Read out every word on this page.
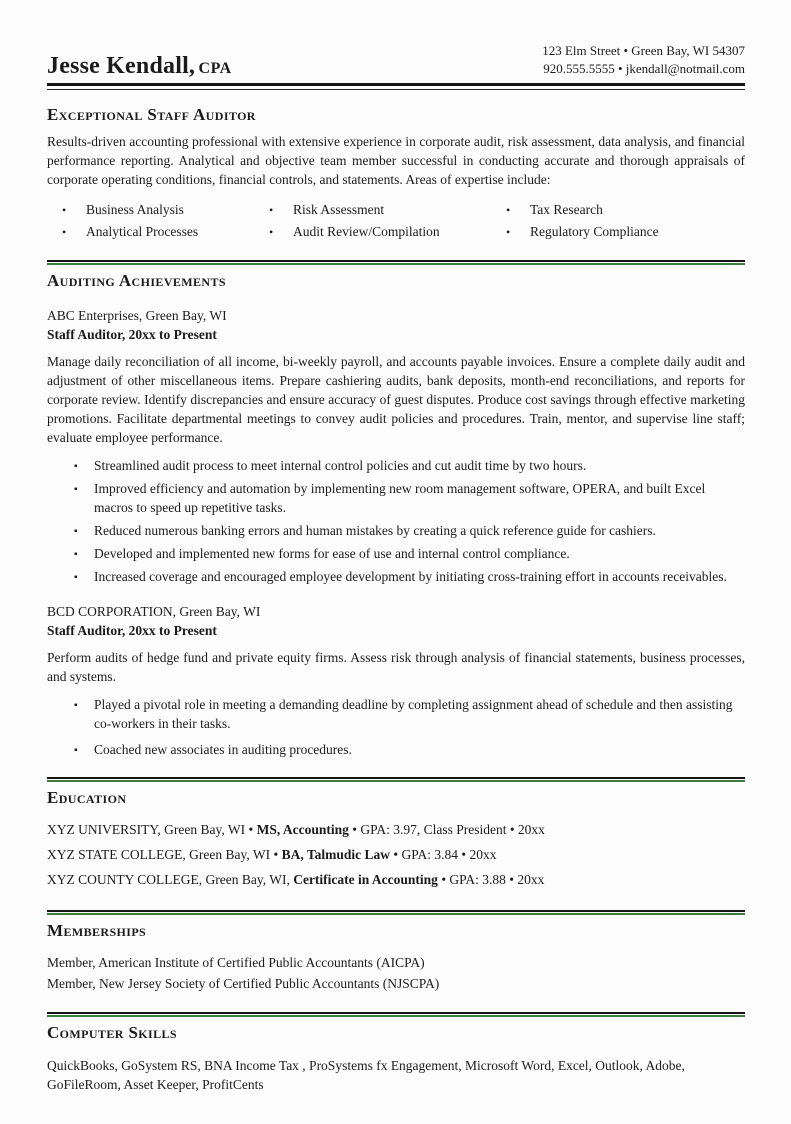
Jesse Kendall, CPA
123 Elm Street • Green Bay, WI 54307
920.555.5555 • jkendall@notmail.com
Exceptional Staff Auditor

Results-driven accounting professional with extensive experience in corporate audit, risk assessment, data analysis, and financial performance reporting. Analytical and objective team member successful in conducting accurate and thorough appraisals of corporate operating conditions, financial controls, and statements. Areas of expertise include:

•	Business Analysis	•	Risk Assessment	•	Tax Research
•	Analytical Processes	•	Audit Review/Compilation	•	Regulatory Compliance
Auditing Achievements

ABC Enterprises, Green Bay, WI

Staff Auditor, 20xx to Present

Manage daily reconciliation of all income, bi-weekly payroll, and accounts payable invoices. Ensure a complete daily audit and adjustment of other miscellaneous items. Prepare cashiering audits, bank deposits, month-end reconciliations, and reports for corporate review. Identify discrepancies and ensure accuracy of guest disputes. Produce cost savings through effective marketing promotions. Facilitate departmental meetings to convey audit policies and procedures. Train, mentor, and supervise line staff; evaluate employee performance.

▪ Streamlined audit process to meet internal control policies and cut audit time by two hours.
▪ Improved efficiency and automation by implementing new room management software, OPERA, and built Excel macros to speed up repetitive tasks.
▪ Reduced numerous banking errors and human mistakes by creating a quick reference guide for cashiers.
▪ Developed and implemented new forms for ease of use and internal control compliance.
▪ Increased coverage and encouraged employee development by initiating cross-training effort in accounts receivables.

BCD CORPORATION, Green Bay, WI

Staff Auditor, 20xx to Present

Perform audits of hedge fund and private equity firms. Assess risk through analysis of financial statements, business processes, and systems.

▪ Played a pivotal role in meeting a demanding deadline by completing assignment ahead of schedule and then assisting co-workers in their tasks.
▪ Coached new associates in auditing procedures.
Education

XYZ UNIVERSITY, Green Bay, WI • MS, Accounting • GPA: 3.97, Class President • 20xx

XYZ STATE COLLEGE, Green Bay, WI • BA, Talmudic Law • GPA: 3.84 • 20xx

XYZ COUNTY COLLEGE, Green Bay, WI, Certificate in Accounting • GPA: 3.88 • 20xx

Memberships

Member, American Institute of Certified Public Accountants (AICPA)

Member, New Jersey Society of Certified Public Accountants (NJSCPA)

Computer Skills

QuickBooks, GoSystem RS, BNA Income Tax , ProSystems fx Engagement, Microsoft Word, Excel, Outlook, Adobe, GoFileRoom, Asset Keeper, ProfitCents
